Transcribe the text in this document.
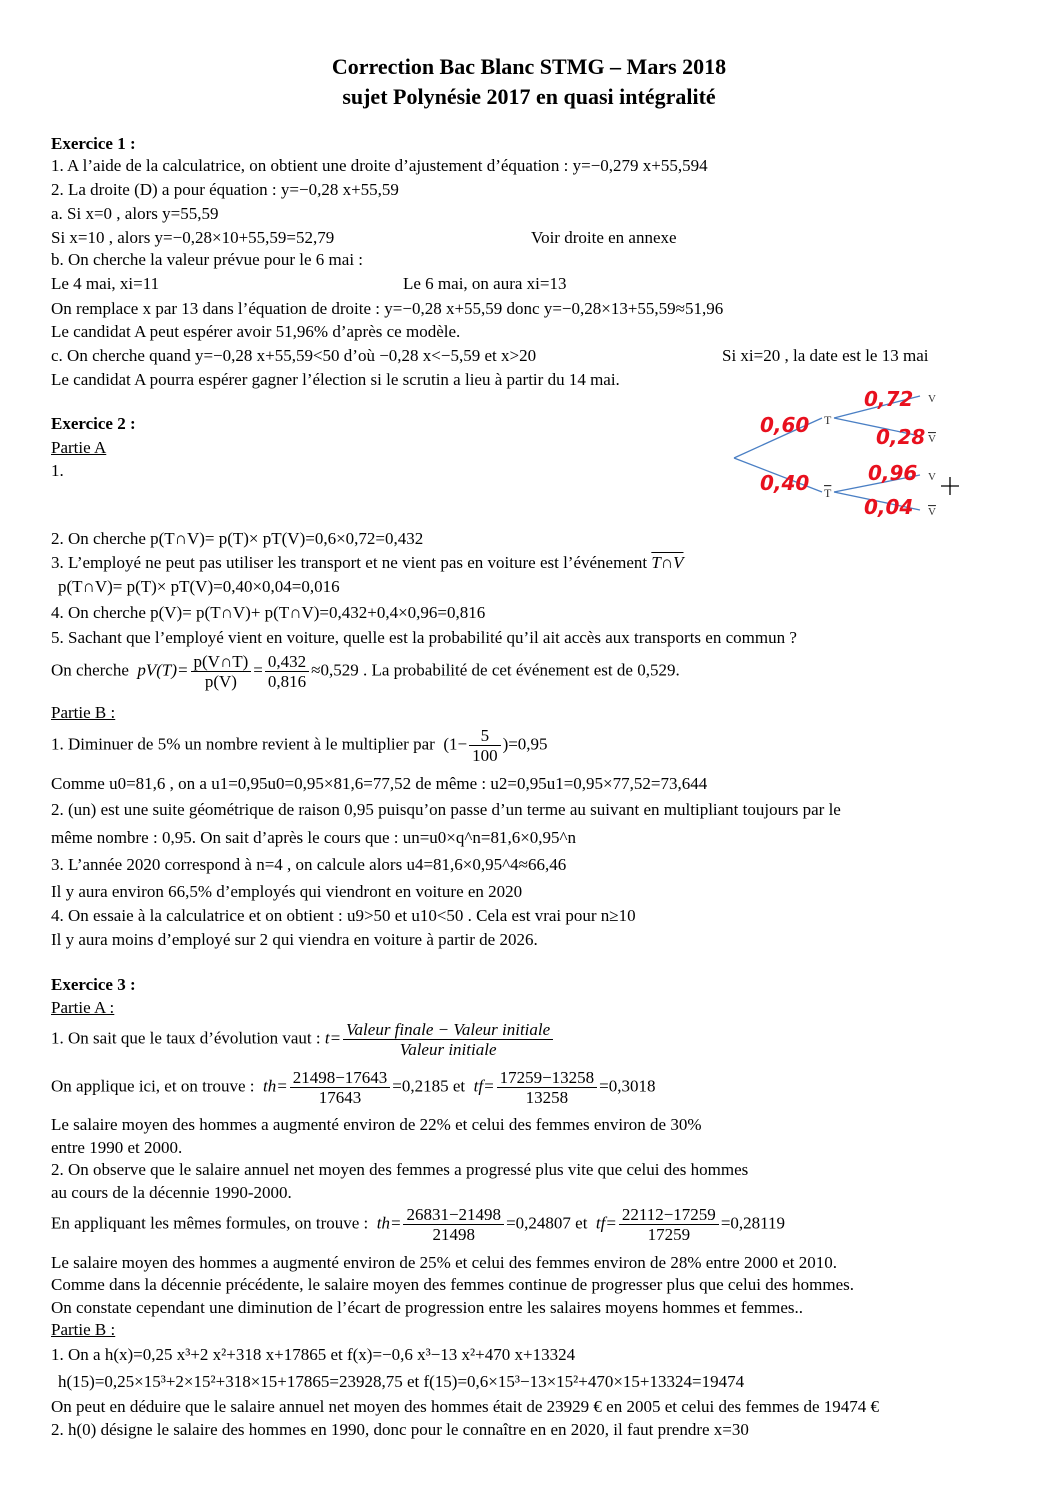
Correction Bac Blanc STMG – Mars 2018
sujet Polynésie 2017 en quasi intégralité
Exercice 1 :
1. A l’aide de la calculatrice, on obtient une droite d’ajustement d’équation : y=−0,279 x+55,594
2. La droite (D) a pour équation : y=−0,28 x+55,59
a. Si x=0 , alors y=55,59
Si x=10 , alors y=−0,28×10+55,59=52,79	Voir droite en annexe
b. On cherche la valeur prévue pour le 6 mai :
Le 4 mai, xi=11	Le 6 mai, on aura xi=13
On remplace x par 13 dans l’équation de droite : y=−0,28 x+55,59 donc y=−0,28×13+55,59≈51,96
Le candidat A peut espérer avoir 51,96% d’après ce modèle.
c. On cherche quand y=−0,28 x+55,59<50 d’où −0,28 x<−5,59 et x>20	Si xi=20 , la date est le 13 mai
Le candidat A pourra espérer gagner l’élection si le scrutin a lieu à partir du 14 mai.
Exercice 2 :
Partie A
1.
T
T
V
V
V
V
0,60
0,40
0,72
0,28
0,96
0,04
2. On cherche p(T∩V)= p(T)× pT(V)=0,6×0,72=0,432
3. L’employé ne peut pas utiliser les transport et ne vient pas en voiture est l’événement T∩V
p(T∩V)= p(T)× pT(V)=0,40×0,04=0,016
4. On cherche p(V)= p(T∩V)+ p(T∩V)=0,432+0,4×0,96=0,816
5. Sachant que l’employé vient en voiture, quelle est la probabilité qu’il ait accès aux transports en commun ?
On cherche $pV(T)= \frac{p(V\cap T)}{p(V)} = \frac{0,432}{0,816} \approx 0,529$ . La probabilité de cet événement est de 0,529.
Partie B :
1. Diminuer de 5% un nombre revient à le multiplier par $(1- \frac{5}{100} )=0,95$
Comme u0=81,6 , on a u1=0,95u0=0,95×81,6=77,52 de même : u2=0,95u1=0,95×77,52=73,644
2. (un) est une suite géométrique de raison 0,95 puisqu’on passe d’un terme au suivant en multipliant toujours par le
même nombre : 0,95. On sait d’après le cours que : un=u0×q^n=81,6×0,95^n
3. L’année 2020 correspond à n=4 , on calcule alors u4=81,6×0,95^4≈66,46
Il y aura environ 66,5% d’employés qui viendront en voiture en 2020
4. On essaie à la calculatrice et on obtient : u9>50 et u10<50 . Cela est vrai pour n≥10
Il y aura moins d’employé sur 2 qui viendra en voiture à partir de 2026.
Exercice 3 :
Partie A :
1. On sait que le taux d’évolution vaut : $t= \frac{\text{Valeur finale − Valeur initiale}}{\text{Valeur initiale}}$
On applique ici, et on trouve : $th= \frac{21498-17643}{17643} =0,2185$ et $tf= \frac{17259-13258}{13258} =0,3018$
Le salaire moyen des hommes a augmenté environ de 22% et celui des femmes environ de 30%
entre 1990 et 2000.
2. On observe que le salaire annuel net moyen des femmes a progressé plus vite que celui des hommes
au cours de la décennie 1990-2000.
En appliquant les mêmes formules, on trouve : $th= \frac{26831-21498}{21498} =0,24807$ et $tf= \frac{22112-17259}{17259} =0,28119$
Le salaire moyen des hommes a augmenté environ de 25% et celui des femmes environ de 28% entre 2000 et 2010.
Comme dans la décennie précédente, le salaire moyen des femmes continue de progresser plus que celui des hommes.
On constate cependant une diminution de l’écart de progression entre les salaires moyens hommes et femmes..
Partie B :
1. On a h(x)=0,25 x³+2 x²+318 x+17865 et f(x)=−0,6 x³−13 x²+470 x+13324
h(15)=0,25×15³+2×15²+318×15+17865=23928,75 et f(15)=0,6×15³−13×15²+470×15+13324=19474
On peut en déduire que le salaire annuel net moyen des hommes était de 23929 € en 2005 et celui des femmes de 19474 €
2. h(0) désigne le salaire des hommes en 1990, donc pour le connaître en en 2020, il faut prendre x=30
